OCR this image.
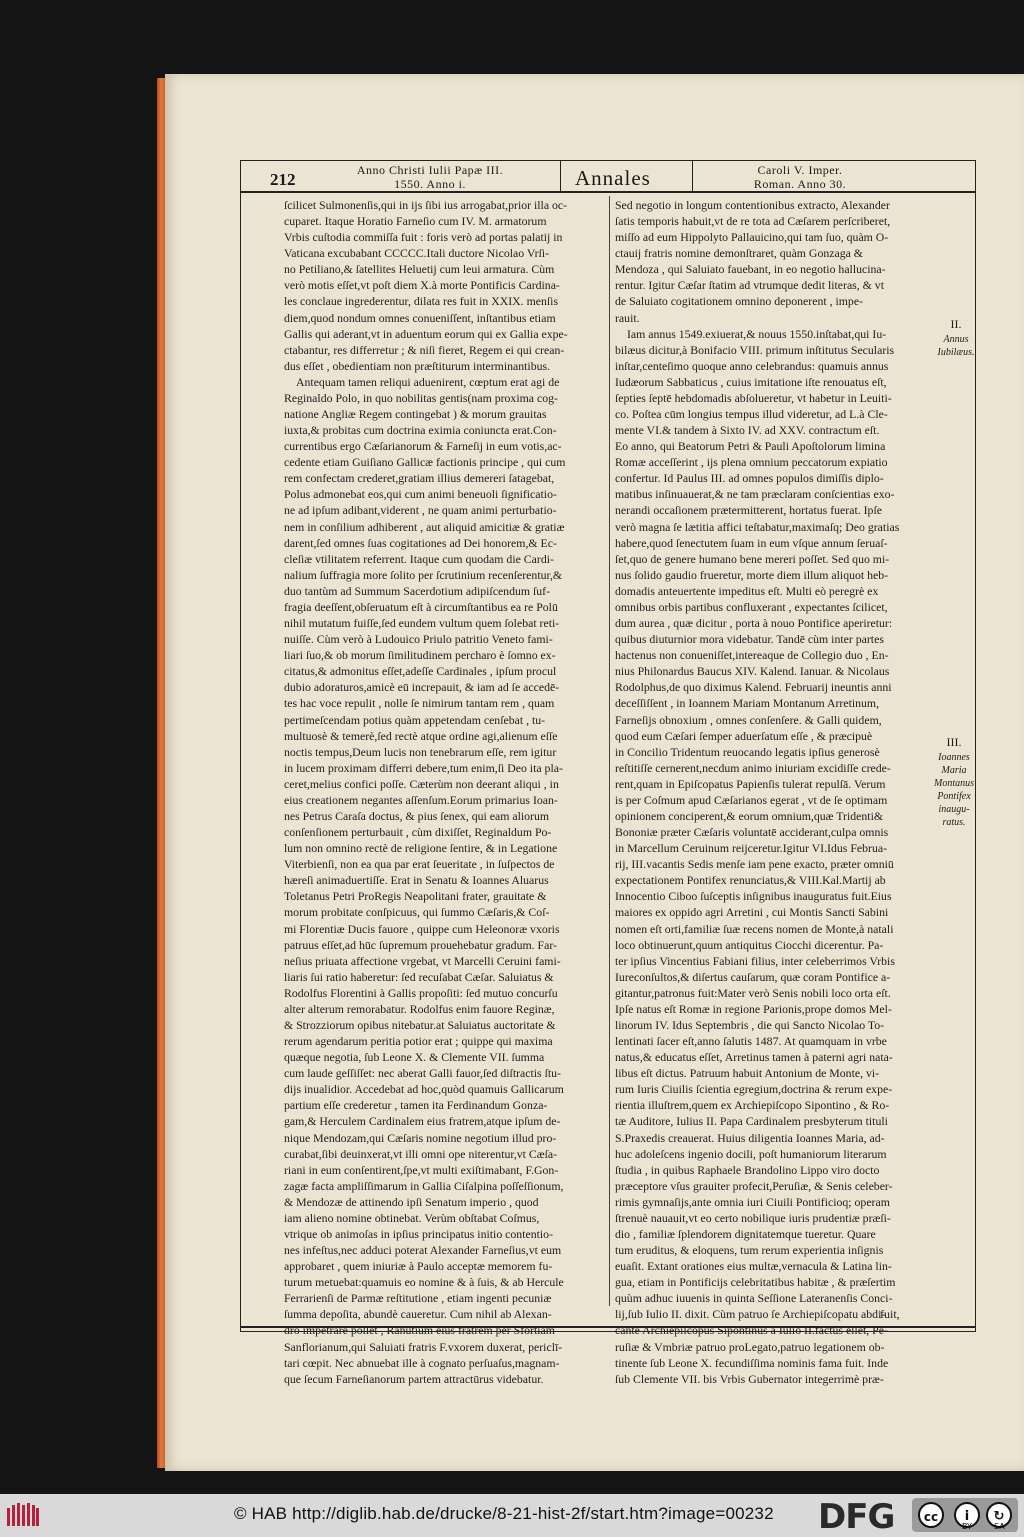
212	Anno Christi Iulii Papæ III.
1550. Anno i.	Annales	Caroli V. Imper.
Roman. Anno 30.

ſcilicet Sulmonenſis,qui in ijs ſibi ius arrogabat,prior illa oc-

cuparet. Itaque Horatio Farneſio cum IV. M. armatorum

Vrbis cuſtodia commiſſa fuit : foris verò ad portas palatij in

Vaticana excubabant CCCCC.Itali ductore Nicolao Vrſi-

no Petiliano,& ſatellites Heluetij cum leui armatura. Cùm

verò motis eſſet,vt poſt diem X.à morte Pontificis Cardina-

les conclaue ingrederentur, dilata res fuit in XXIX. menſis

diem,quod nondum omnes conueniſſent, inſtantibus etiam

Gallis qui aderant,vt in aduentum eorum qui ex Gallia expe-

ctabantur, res differretur ; & niſi fieret, Regem ei qui crean-

dus eſſet , obedientiam non præſtiturum interminantibus.

Antequam tamen reliqui aduenirent, cœptum erat agi de

Reginaldo Polo, in quo nobilitas gentis(nam proxima cog-

natione Angliæ Regem contingebat ) & morum grauitas

iuxta,& probitas cum doctrina eximia coniuncta erat.Con-

currentibus ergo Cæſarianorum & Farneſij in eum votis,ac-

cedente etiam Guiſiano Gallicæ factionis principe , qui cum

rem confectam crederet,gratiam illius demereri ſatagebat,

Polus admonebat eos,qui cum animi beneuoli ſignificatio-

ne ad ipſum adibant,viderent , ne quam animi perturbatio-

nem in conſilium adhiberent , aut aliquid amicitiæ & gratiæ

darent,ſed omnes ſuas cogitationes ad Dei honorem,& Ec-

cleſiæ vtilitatem referrent. Itaque cum quodam die Cardi-

nalium ſuffragia more ſolito per ſcrutinium recenſerentur,&

duo tantùm ad Summum Sacerdotium adipiſcendum ſuf-

fragia deeſſent,obſeruatum eſt à circumſtantibus ea re Polū

nihil mutatum fuiſſe,ſed eundem vultum quem ſolebat reti-

nuiſſe. Cùm verò à Ludouico Priulo patritio Veneto fami-

liari ſuo,& ob morum ſimilitudinem percharo è ſomno ex-

citatus,& admonitus eſſet,adeſſe Cardinales , ipſum procul

dubio adoraturos,amicè eū increpauit, & iam ad ſe accedē-

tes hac voce repulit , nolle ſe nimirum tantam rem , quam

pertimeſcendam potius quàm appetendam cenſebat , tu-

multuosè & temerè,ſed rectè atque ordine agi,alienum eſſe

noctis tempus,Deum lucis non tenebrarum eſſe, rem igitur

in lucem proximam differri debere,tum enim,ſi Deo ita pla-

ceret,melius confici poſſe. Cæterùm non deerant aliqui , in

eius creationem negantes aſſenſum.Eorum primarius Ioan-

nes Petrus Caraſa doctus, & pius ſenex, qui eam aliorum

conſenſionem perturbauit , cùm dixiſſet, Reginaldum Po-

lum non omnino rectè de religione ſentire, & in Legatione

Viterbienſi, non ea qua par erat ſeueritate , in ſuſpectos de

hæreſi animaduertiſſe. Erat in Senatu & Ioannes Aluarus

Toletanus Petri ProRegis Neapolitani frater, grauitate &

morum probitate conſpicuus, qui ſummo Cæſaris,& Coſ-

mi Florentiæ Ducis fauore , quippe cum Heleonoræ vxoris

patruus eſſet,ad hūc ſupremum prouehebatur gradum. Far-

neſius priuata affectione vrgebat, vt Marcelli Ceruini fami-

liaris ſui ratio haberetur: ſed recuſabat Cæſar. Saluiatus &

Rodolfus Florentini à Gallis propoſiti: ſed mutuo concurſu

alter alterum remorabatur. Rodolfus enim fauore Reginæ,

& Strozziorum opibus nitebatur.at Saluiatus auctoritate &

rerum agendarum peritia potior erat ; quippe qui maxima

quæque negotia, ſub Leone X. & Clemente VII. ſumma

cum laude geſſiſſet: nec aberat Galli fauor,ſed diſtractis ſtu-

dijs inualidior. Accedebat ad hoc,quòd quamuis Gallicarum

partium eſſe crederetur , tamen ita Ferdinandum Gonza-

gam,& Herculem Cardinalem eius fratrem,atque ipſum de-

nique Mendozam,qui Cæſaris nomine negotium illud pro-

curabat,ſibi deuinxerat,vt illi omni ope niterentur,vt Cæſa-

riani in eum conſentirent,ſpe,vt multi exiſtimabant, F.Gon-

zagæ facta ampliſſimarum in Gallia Ciſalpina poſſeſſionum,

& Mendozæ de attinendo ipſi Senatum imperio , quod

iam alieno nomine obtinebat. Verùm obſtabat Coſmus,

vtrique ob animoſas in ipſius principatus initio contentio-

nes infeſtus,nec adduci poterat Alexander Farneſius,vt eum

approbaret , quem iniuriæ à Paulo acceptæ memorem fu-

turum metuebat:quamuis eo nomine & à ſuis, & ab Hercule

Ferrarienſi de Parmæ reſtitutione , etiam ingenti pecuniæ

ſumma depoſita, abundè caueretur. Cum nihil ab Alexan-

dro impetrare poſſet , Ranutium eius fratrem per Sfortiam

Sanflorianum,qui Saluiati fratris F.vxorem duxerat, periclī-

tari cœpit. Nec abnuebat ille à cognato perſuaſus,magnam-

que ſecum Farneſianorum partem attractūrus videbatur.

Sed negotio in longum contentionibus extracto, Alexander

ſatis temporis habuit,vt de re tota ad Cæſarem perſcriberet,

miſſo ad eum Hippolyto Pallauicino,qui tam ſuo, quàm O-

ctauij fratris nomine demonſtraret, quàm Gonzaga &

Mendoza , qui Saluiato fauebant, in eo negotio hallucina-

rentur. Igitur Cæſar ſtatim ad vtrumque dedit literas, & vt

de Saluiato cogitationem omnino deponerent , impe-

rauit.

Iam annus 1549.exiuerat,& nouus 1550.inſtabat,qui Iu-

bilæus dicitur,à Bonifacio VIII. primum inſtitutus Secularis

inſtar,centeſimo quoque anno celebrandus: quamuis annus

Iudæorum Sabbaticus , cuius imitatione iſte renouatus eſt,

ſepties ſeptē hebdomadis abſolueretur, vt habetur in Leuiti-

co. Poſtea cūm longius tempus illud videretur, ad L.à Cle-

mente VI.& tandem à Sixto IV. ad XXV. contractum eſt.

Eo anno, qui Beatorum Petri & Pauli Apoſtolorum limina

Romæ acceſſerint , ijs plena omnium peccatorum expiatio

confertur. Id Paulus III. ad omnes populos dimiſſis diplo-

matibus inſinuauerat,& ne tam præclaram conſcientias exo-

nerandi occaſionem prætermitterent, hortatus fuerat. Ipſe

verò magna ſe lætitia affici teſtabatur,maximaſq; Deo gratias

habere,quod ſenectutem ſuam in eum vſque annum ſeruaſ-

ſet,quo de genere humano bene mereri poſſet. Sed quo mi-

nus ſolido gaudio frueretur, morte diem illum aliquot heb-

domadis anteuertente impeditus eſt. Multi eò peregrè ex

omnibus orbis partibus confluxerant , expectantes ſcilicet,

dum aurea , quæ dicitur , porta à nouo Pontifice aperiretur:

quibus diuturnior mora videbatur. Tandē cùm inter partes

hactenus non conueniſſet,intereaque de Collegio duo , En-

nius Philonardus Baucus XIV. Kalend. Ianuar. & Nicolaus

Rodolphus,de quo diximus Kalend. Februarij ineuntis anni

deceſſiſſent , in Ioannem Mariam Montanum Arretinum,

Farneſijs obnoxium , omnes conſenſere. & Galli quidem,

quod eum Cæſari ſemper aduerſatum eſſe , & præcipuè

in Concilio Tridentum reuocando legatis ipſius generosè

reſtitiſſe cernerent,necdum animo iniuriam excidiſſe crede-

rent,quam in Epiſcopatus Papienſis tulerat repulſā. Verum

is per Coſmum apud Cæſarianos egerat , vt de ſe optimam

opinionem conciperent,& eorum omnium,quæ Tridenti&

Bononiæ præter Cæſaris voluntatē acciderant,culpa omnis

in Marcellum Ceruinum reijceretur.Igitur VI.Idus Februa-

rij, III.vacantis Sedis menſe iam pene exacto, præter omniū

expectationem Pontifex renunciatus,& VIII.Kal.Martij ab

Innocentio Ciboo ſuſceptis inſignibus inauguratus fuit.Eius

maiores ex oppido agri Arretini , cui Montis Sancti Sabini

nomen eſt orti,familiæ ſuæ recens nomen de Monte,à natali

loco obtinuerunt,quum antiquitus Ciocchi dicerentur. Pa-

ter ipſius Vincentius Fabiani filius, inter celeberrimos Vrbis

Iureconſultos,& diſertus cauſarum, quæ coram Pontifice a-

gitantur,patronus fuit:Mater verò Senis nobili loco orta eſt.

Ipſe natus eſt Romæ in regione Parionis,prope domos Mel-

linorum IV. Idus Septembris , die qui Sancto Nicolao To-

lentinati ſacer eſt,anno ſalutis 1487. At quamquam in vrbe

natus,& educatus eſſet, Arretinus tamen à paterni agri nata-

libus eſt dictus. Patruum habuit Antonium de Monte, vi-

rum Iuris Ciuilis ſcientia egregium,doctrina & rerum expe-

rientia illuſtrem,quem ex Archiepiſcopo Sipontino , & Ro-

tæ Auditore, Iulius II. Papa Cardinalem presbyterum tituli

S.Praxedis creauerat. Huius diligentia Ioannes Maria, ad-

huc adoleſcens ingenio docili, poſt humaniorum literarum

ſtudia , in quibus Raphaele Brandolino Lippo viro docto

præceptore vſus grauiter profecit,Peruſiæ, & Senis celeber-

rimis gymnaſijs,ante omnia iuri Ciuili Pontificioq; operam

ſtrenuè nauauit,vt eo certo nobilique iuris prudentiæ præſi-

dio , familiæ ſplendorem dignitatemque tueretur. Quare

tum eruditus, & eloquens, tum rerum experientia inſignis

euaſit. Extant orationes eius multæ,vernacula & Latina lin-

gua, etiam in Pontificijs celebritatibus habitæ , & præſertim

quùm adhuc iuuenis in quinta Seſſione Lateranenſis Conci-

lij,ſub Iulio II. dixit. Cùm patruo ſe Archiepiſcopatu abdi-

cante Archiepiſcopus Sipontinus à Iulio II.factus eſſet, Pe-

ruſiæ & Vmbriæ patruo proLegato,patruo legationem ob-

tinente ſub Leone X. fecundiſſima nominis fama fuit. Inde

ſub Clemente VII. bis Vrbis Gubernator integerrimè præ-

II.
Annus Iubilæus.
III.
Ioannes Maria Montanus Pontifex inaugu-ratus.
fuit,
© HAB http://diglib.hab.de/drucke/8-21-hist-2f/start.htm?image=00232 DFG	cc	i	↻
BY	SA
